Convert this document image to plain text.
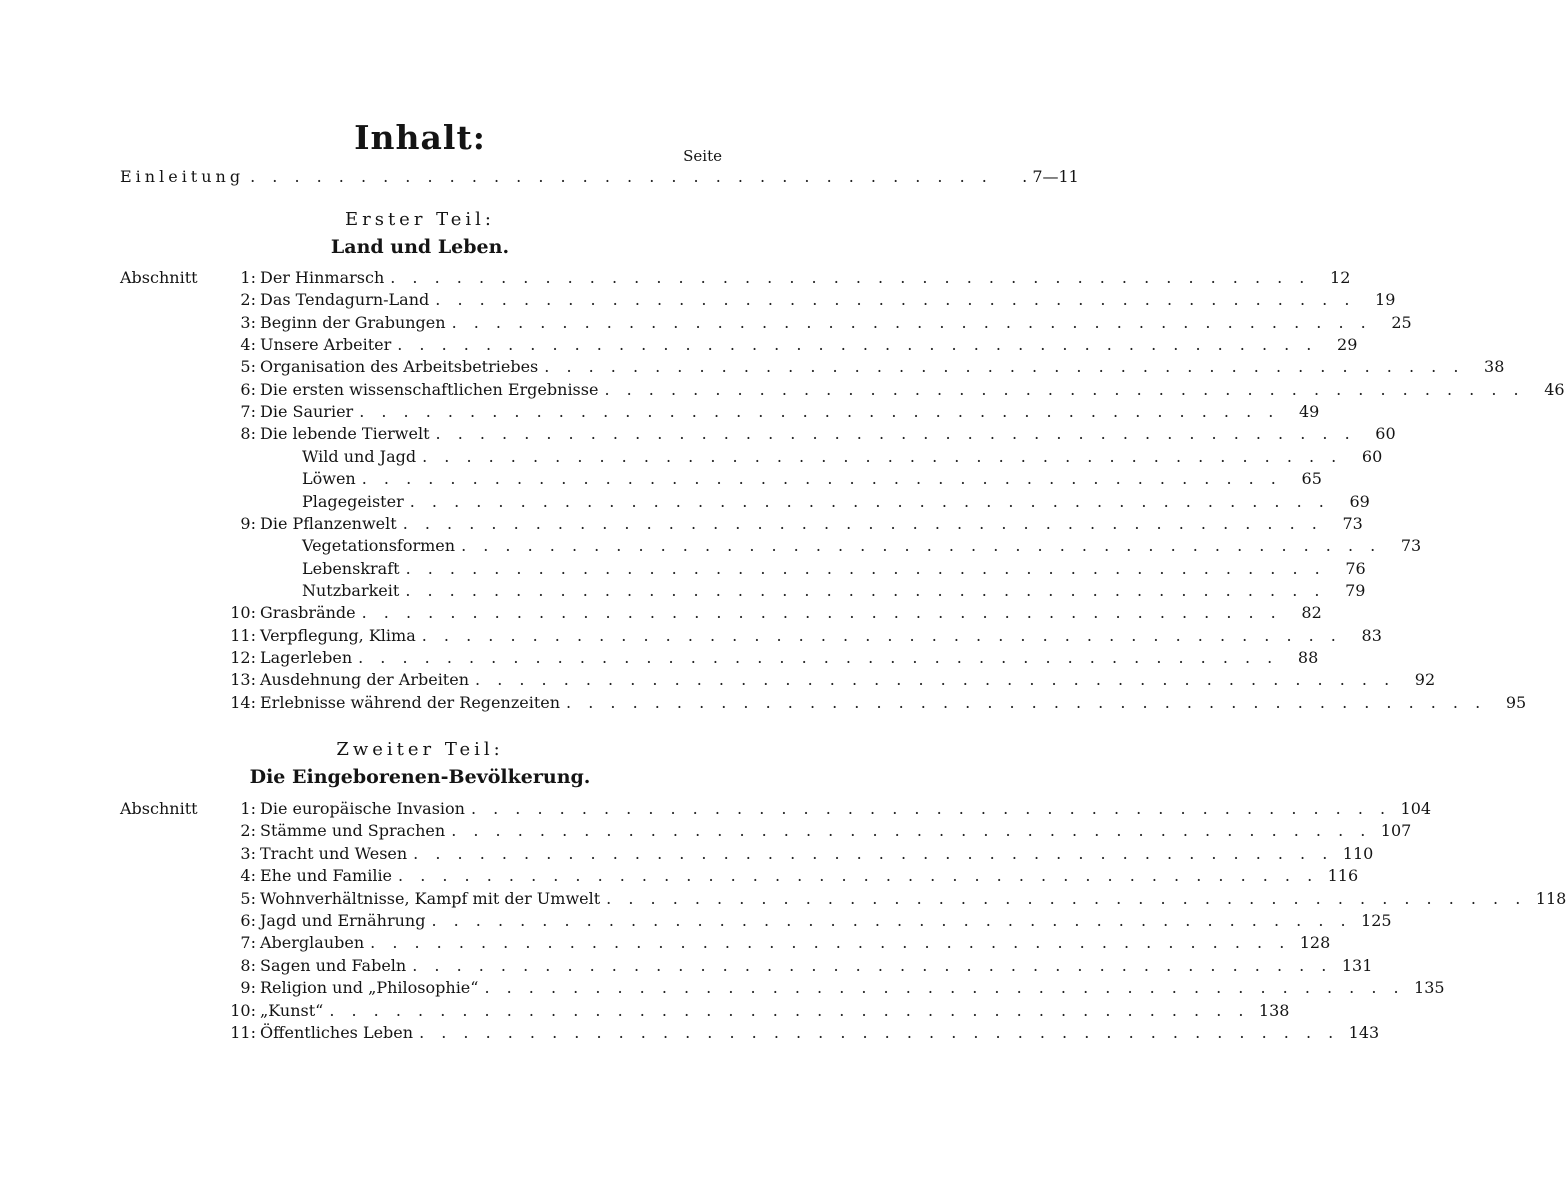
Inhalt:	Seite
Einleitung . . . . . . . . . . . . . . . . . . . . . . . . . . . . . . . . . .	. 7—11
Erster Teil:
Land und Leben.
Abschnitt	1: Der Hinmarsch . . . . . . . . . . . . . . . . . . . . . . . . . . . . . . . . . . . . . . . . . .	12
2: Das Tendagurn-Land . . . . . . . . . . . . . . . . . . . . . . . . . . . . . . . . . . . . . . . . . .	19
3: Beginn der Grabungen . . . . . . . . . . . . . . . . . . . . . . . . . . . . . . . . . . . . . . . . . .	25
4: Unsere Arbeiter . . . . . . . . . . . . . . . . . . . . . . . . . . . . . . . . . . . . . . . . . .	29
5: Organisation des Arbeitsbetriebes . . . . . . . . . . . . . . . . . . . . . . . . . . . . . . . . . . . . . . . . . .	38
6: Die ersten wissenschaftlichen Ergebnisse . . . . . . . . . . . . . . . . . . . . . . . . . . . . . . . . . . . . . . . . . .	46
7: Die Saurier . . . . . . . . . . . . . . . . . . . . . . . . . . . . . . . . . . . . . . . . . .	49
8: Die lebende Tierwelt . . . . . . . . . . . . . . . . . . . . . . . . . . . . . . . . . . . . . . . . . .	60
Wild und Jagd . . . . . . . . . . . . . . . . . . . . . . . . . . . . . . . . . . . . . . . . . .	60
Löwen . . . . . . . . . . . . . . . . . . . . . . . . . . . . . . . . . . . . . . . . . .	65
Plagegeister . . . . . . . . . . . . . . . . . . . . . . . . . . . . . . . . . . . . . . . . . .	69
9: Die Pflanzenwelt . . . . . . . . . . . . . . . . . . . . . . . . . . . . . . . . . . . . . . . . . .	73
Vegetationsformen . . . . . . . . . . . . . . . . . . . . . . . . . . . . . . . . . . . . . . . . . .	73
Lebenskraft . . . . . . . . . . . . . . . . . . . . . . . . . . . . . . . . . . . . . . . . . .	76
Nutzbarkeit . . . . . . . . . . . . . . . . . . . . . . . . . . . . . . . . . . . . . . . . . .	79
10: Grasbrände . . . . . . . . . . . . . . . . . . . . . . . . . . . . . . . . . . . . . . . . . .	82
11: Verpflegung, Klima . . . . . . . . . . . . . . . . . . . . . . . . . . . . . . . . . . . . . . . . . .	83
12: Lagerleben . . . . . . . . . . . . . . . . . . . . . . . . . . . . . . . . . . . . . . . . . .	88
13: Ausdehnung der Arbeiten . . . . . . . . . . . . . . . . . . . . . . . . . . . . . . . . . . . . . . . . . .	92
14: Erlebnisse während der Regenzeiten . . . . . . . . . . . . . . . . . . . . . . . . . . . . . . . . . . . . . . . . . .	95
Zweiter Teil:
Die Eingeborenen-Bevölkerung.
Abschnitt	1: Die europäische Invasion . . . . . . . . . . . . . . . . . . . . . . . . . . . . . . . . . . . . . . . . . . 104
2: Stämme und Sprachen . . . . . . . . . . . . . . . . . . . . . . . . . . . . . . . . . . . . . . . . . . 107
3: Tracht und Wesen . . . . . . . . . . . . . . . . . . . . . . . . . . . . . . . . . . . . . . . . . . 110
4: Ehe und Familie . . . . . . . . . . . . . . . . . . . . . . . . . . . . . . . . . . . . . . . . . . 116
5: Wohnverhältnisse, Kampf mit der Umwelt . . . . . . . . . . . . . . . . . . . . . . . . . . . . . . . . . . . . . . . . . . 118
6: Jagd und Ernährung . . . . . . . . . . . . . . . . . . . . . . . . . . . . . . . . . . . . . . . . . . 125
7: Aberglauben . . . . . . . . . . . . . . . . . . . . . . . . . . . . . . . . . . . . . . . . . . 128
8: Sagen und Fabeln . . . . . . . . . . . . . . . . . . . . . . . . . . . . . . . . . . . . . . . . . . 131
9: Religion und „Philosophie“ . . . . . . . . . . . . . . . . . . . . . . . . . . . . . . . . . . . . . . . . . . 135
10: „Kunst“ . . . . . . . . . . . . . . . . . . . . . . . . . . . . . . . . . . . . . . . . . . 138
11: Öffentliches Leben . . . . . . . . . . . . . . . . . . . . . . . . . . . . . . . . . . . . . . . . . . 143
